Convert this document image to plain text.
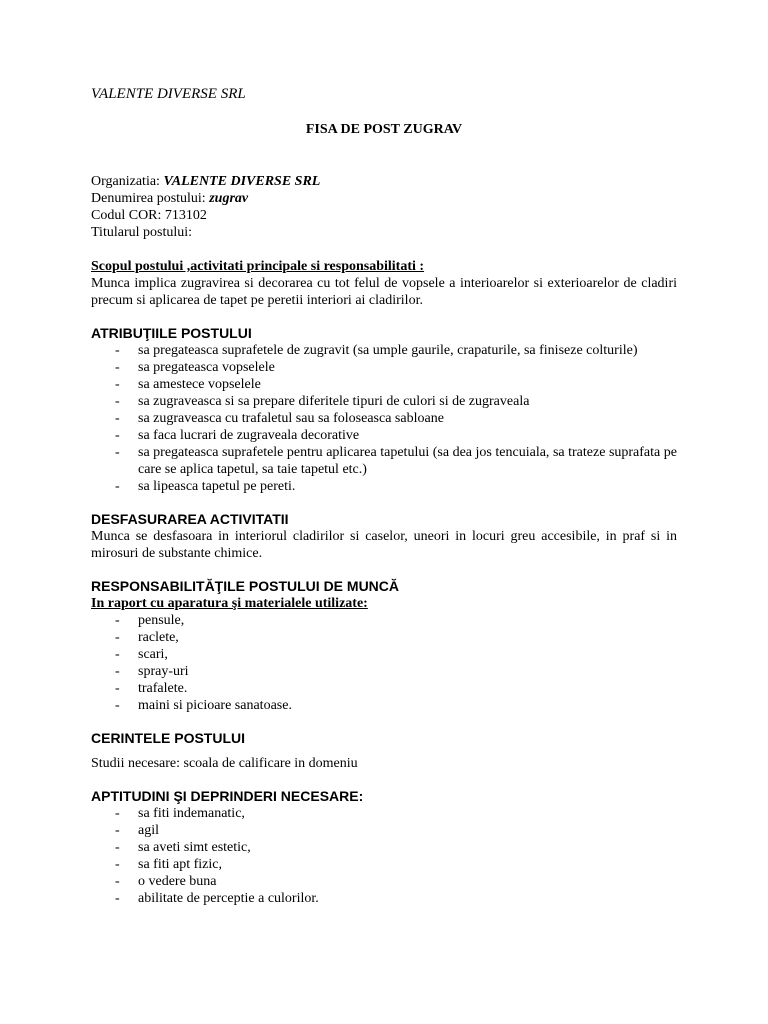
VALENTE DIVERSE SRL

FISA DE POST ZUGRAV

Organizatia: VALENTE DIVERSE SRL

Denumirea postului: zugrav

Codul COR: 713102

Titularul postului:

Scopul postului ,activitati principale si responsabilitati :

Munca implica zugravirea si decorarea cu tot felul de vopsele a interioarelor si exterioarelor de cladiri precum si aplicarea de tapet pe peretii interiori ai cladirilor.

ATRIBUŢIILE POSTULUI
- sa pregateasca suprafetele de zugravit (sa umple gaurile, crapaturile, sa finiseze colturile)
- sa pregateasca vopselele
- sa amestece vopselele
- sa zugraveasca si sa prepare diferitele tipuri de culori si de zugraveala
- sa zugraveasca cu trafaletul sau sa foloseasca sabloane
- sa faca lucrari de zugraveala decorative
- sa pregateasca suprafetele pentru aplicarea tapetului (sa dea jos tencuiala, sa trateze suprafata pe care se aplica tapetul, sa taie tapetul etc.)
- sa lipeasca tapetul pe pereti.
DESFASURAREA ACTIVITATII

Munca se desfasoara in interiorul cladirilor si caselor, uneori in locuri greu accesibile, in praf si in mirosuri de substante chimice.

RESPONSABILITĂŢILE POSTULUI DE MUNCĂ
In raport cu aparatura şi materialele utilizate:
- pensule,
- raclete,
- scari,
- spray-uri
- trafalete.
- maini si picioare sanatoase.
CERINTELE POSTULUI

Studii necesare: scoala de calificare in domeniu

APTITUDINI ŞI DEPRINDERI NECESARE:
- sa fiti indemanatic,
- agil
- sa aveti simt estetic,
- sa fiti apt fizic,
- o vedere buna
- abilitate de perceptie a culorilor.
